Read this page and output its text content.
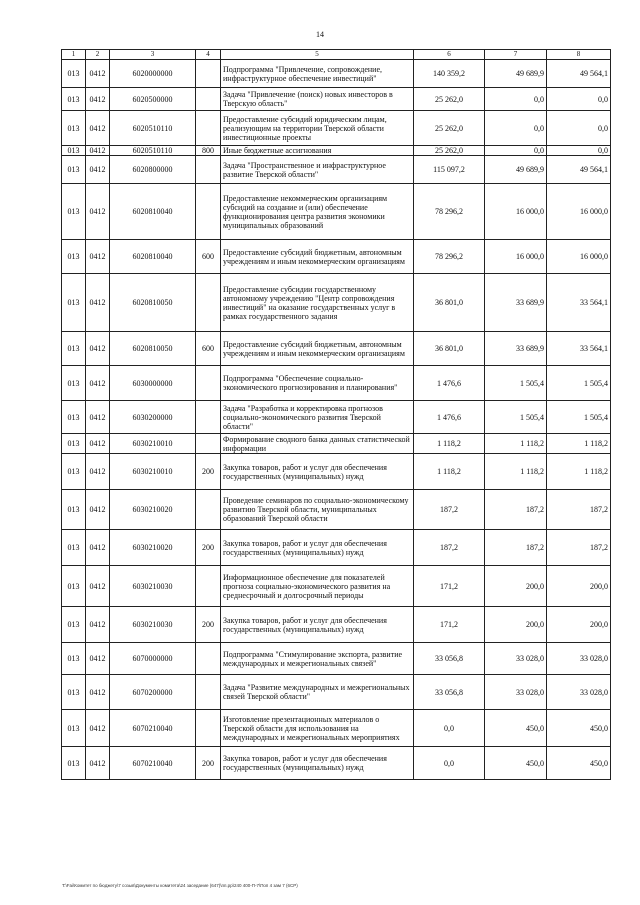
14
1	2	3	4	5	6	7	8
013	0412	6020000000		Подпрограмма "Привлечение, сопровождение, инфраструктурное обеспечение инвестиций"	140 359,2	49 689,9	49 564,1
013	0412	6020500000		Задача "Привлечение (поиск) новых инвесторов в Тверскую область"	25 262,0	0,0	0,0
013	0412	6020510110		Предоставление субсидий юридическим лицам, реализующим на территории Тверской области инвестиционные проекты	25 262,0	0,0	0,0
013	0412	6020510110	800	Иные бюджетные ассигнования	25 262,0	0,0	0,0
013	0412	6020800000		Задача "Пространственное и инфраструктурное развитие Тверской области"	115 097,2	49 689,9	49 564,1
013	0412	6020810040		Предоставление некоммерческим организациям субсидий на создание и (или) обеспечение функционирования центра развития экономики муниципальных образований	78 296,2	16 000,0	16 000,0
013	0412	6020810040	600	Предоставление субсидий бюджетным, автономным учреждениям и иным некоммерческим организациям	78 296,2	16 000,0	16 000,0
013	0412	6020810050		Предоставление субсидии государственному автономному учреждению "Центр сопровождения инвестиций" на оказание государственных услуг в рамках государственного задания	36 801,0	33 689,9	33 564,1
013	0412	6020810050	600	Предоставление субсидий бюджетным, автономным учреждениям и иным некоммерческим организациям	36 801,0	33 689,9	33 564,1
013	0412	6030000000		Подпрограмма "Обеспечение социально-экономического прогнозирования и планирования"	1 476,6	1 505,4	1 505,4
013	0412	6030200000		Задача "Разработка и корректировка прогнозов социально-экономического развития Тверской области"	1 476,6	1 505,4	1 505,4
013	0412	6030210010		Формирование сводного банка данных статистической информации	1 118,2	1 118,2	1 118,2
013	0412	6030210010	200	Закупка товаров, работ и услуг для обеспечения государственных (муниципальных) нужд	1 118,2	1 118,2	1 118,2
013	0412	6030210020		Проведение семинаров по социально-экономическому развитию Тверской области, муниципальных образований Тверской области	187,2	187,2	187,2
013	0412	6030210020	200	Закупка товаров, работ и услуг для обеспечения государственных (муниципальных) нужд	187,2	187,2	187,2
013	0412	6030210030		Информационное обеспечение для показателей прогноза социально-экономического развития на среднесрочный и долгосрочный периоды	171,2	200,0	200,0
013	0412	6030210030	200	Закупка товаров, работ и услуг для обеспечения государственных (муниципальных) нужд	171,2	200,0	200,0
013	0412	6070000000		Подпрограмма "Стимулирование экспорта, развитие международных и межрегиональных связей"	33 056,8	33 028,0	33 028,0
013	0412	6070200000		Задача "Развитие международных и межрегиональных связей Тверской области"	33 056,8	33 028,0	33 028,0
013	0412	6070210040		Изготовление презентационных материалов о Тверской области для использования на международных и межрегиональных мероприятиях	0,0	450,0	450,0
013	0412	6070210040	200	Закупка товаров, работ и услуг для обеспечения государственных (муниципальных) нужд	0,0	450,0	450,0
T:\Fai\Комитет по бюджету\7 созыв\Документы комитета\24 заседание (647)\пп.pp\240 400-П-7\Поп 4 зам 7 (6СР)
